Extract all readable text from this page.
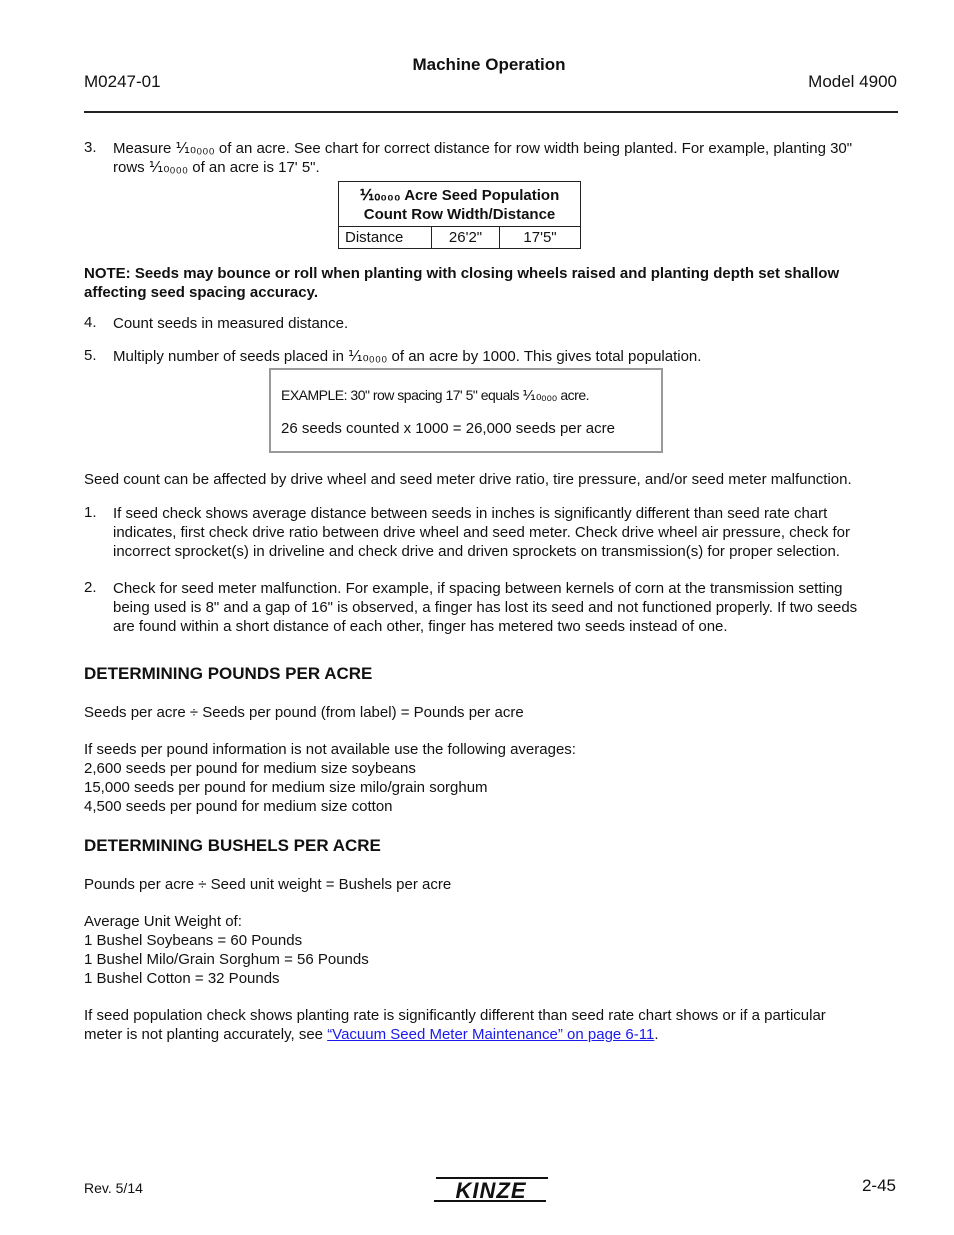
M0247-01
Machine Operation
Model 4900
3. Measure ⅒₀₀₀ of an acre. See chart for correct distance for row width being planted. For example, planting 30"
rows ⅒₀₀₀ of an acre is 17' 5".
⅒₀₀₀ Acre Seed Population
Count Row Width/Distance

Distance	26'2"	17'5"
NOTE: Seeds may bounce or roll when planting with closing wheels raised and planting depth set shallow
affecting seed spacing accuracy.
4. Count seeds in measured distance.
5. Multiply number of seeds placed in ⅒₀₀₀ of an acre by 1000. This gives total population.
EXAMPLE: 30" row spacing 17' 5" equals ⅒₀₀₀ acre.
26 seeds counted x 1000 = 26,000 seeds per acre
Seed count can be affected by drive wheel and seed meter drive ratio, tire pressure, and/or seed meter malfunction.
1. If seed check shows average distance between seeds in inches is significantly different than seed rate chart
indicates, first check drive ratio between drive wheel and seed meter. Check drive wheel air pressure, check for
incorrect sprocket(s) in driveline and check drive and driven sprockets on transmission(s) for proper selection.
2. Check for seed meter malfunction. For example, if spacing between kernels of corn at the transmission setting
being used is 8" and a gap of 16" is observed, a finger has lost its seed and not functioned properly. If two seeds
are found within a short distance of each other, finger has metered two seeds instead of one.
DETERMINING POUNDS PER ACRE
Seeds per acre ÷ Seeds per pound (from label) = Pounds per acre
If seeds per pound information is not available use the following averages:
2,600 seeds per pound for medium size soybeans
15,000 seeds per pound for medium size milo/grain sorghum
4,500 seeds per pound for medium size cotton
DETERMINING BUSHELS PER ACRE
Pounds per acre ÷ Seed unit weight = Bushels per acre
Average Unit Weight of:
1 Bushel Soybeans = 60 Pounds
1 Bushel Milo/Grain Sorghum = 56 Pounds
1 Bushel Cotton = 32 Pounds
If seed population check shows planting rate is significantly different than seed rate chart shows or if a particular
meter is not planting accurately, see “Vacuum Seed Meter Maintenance” on page 6-11.
Rev. 5/14	KINZE	2-45
